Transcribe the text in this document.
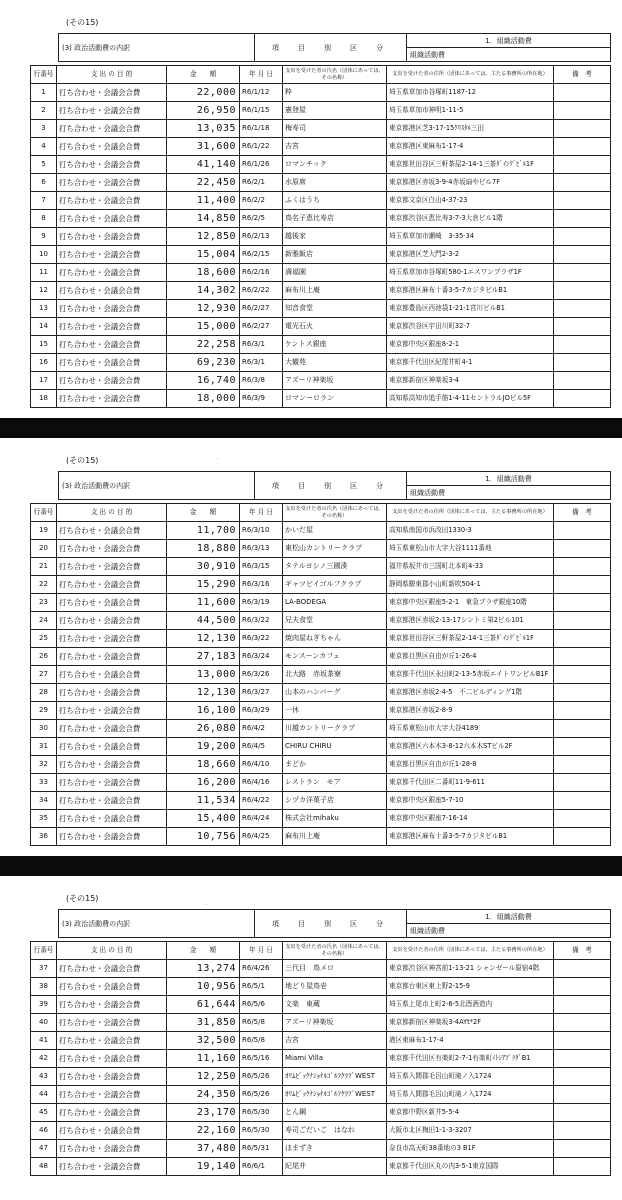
(その15)
(3) 政治活動費の内訳	項　目　別　区　分	1．組織活動費
組織活動費
行番号	支 出 の 目 的	金　　額	年 月 日	支出を受けた者の氏名（団体にあっては、その名称）	支出を受けた者の住所（団体にあっては、主たる事務所の所在地）	備　考
1	打ち合わせ・会議会合費	22,000	R6/1/12	粋	埼玉県草加市谷塚町1187-12	
2	打ち合わせ・会議会合費	26,950	R6/1/15	憲登屋	埼玉県草加市神明1-11-5	
3	打ち合わせ・会議会合費	13,035	R6/1/18	梅寿司	東京都港区芝3-17-15ｸﾘｽﾀﾙ三田	
4	打ち合わせ・会議会合費	31,600	R6/1/22	吉宮	東京都港区東麻布1-17-4	
5	打ち合わせ・会議会合費	41,140	R6/1/26	ロマンチック	東京都世田谷区三軒茶屋2-14-1三茶ﾀﾞｲﾝｸﾞﾋﾞﾙ1F	
6	打ち合わせ・会議会合費	22,450	R6/2/1	水原席	東京都港区赤坂3-9-4赤坂扇やビル7F	
7	打ち合わせ・会議会合費	11,400	R6/2/2	ふくはうち	東京都文京区白山4-37-23	
8	打ち合わせ・会議会合費	14,850	R6/2/5	鳥名子恵比寿店	東京都渋谷区恵比寿3-7-3大倉ビル1階	
9	打ち合わせ・会議会合費	12,850	R6/2/13	越後家	埼玉県草加市瀬崎　3-35-34	
10	打ち合わせ・会議会合費	15,004	R6/2/15	新雅飯店	東京都港区芝大門2-3-2	
11	打ち合わせ・会議会合費	18,600	R6/2/16	満福園	埼玉県草加市谷塚町580-1エスワンプラザ1F	
12	打ち合わせ・会議会合費	14,302	R6/2/22	麻布川上庵	東京都港区麻布十番3-5-7カジタビルB1	
13	打ち合わせ・会議会合費	12,930	R6/2/27	知音食堂	東京都豊島区西池袋1-21-1宮川ビルB1	
14	打ち合わせ・会議会合費	15,000	R6/2/27	電光石火	東京都渋谷区宇田川町32-7	
15	打ち合わせ・会議会合費	22,258	R6/3/1	ケントス銀座	東京都中央区銀座8-2-1	
16	打ち合わせ・会議会合費	69,230	R6/3/1	大観苑	東京都千代田区紀尾井町4-1	
17	打ち合わせ・会議会合費	16,740	R6/3/8	アズーリ神楽坂	東京都新宿区神楽坂3-4	
18	打ち合わせ・会議会合費	18,000	R6/3/9	ロマンーロラン	高知県高知市追手筋1-4-11セントラルJOビル5F	
(その15)
(3) 政治活動費の内訳	項　目　別　区　分	1．組織活動費
組織活動費
行番号	支 出 の 目 的	金　　額	年 月 日	支出を受けた者の氏名（団体にあっては、その名称）	支出を受けた者の住所（団体にあっては、主たる事務所の所在地）	備　考
19	打ち合わせ・会議会合費	11,700	R6/3/10	かいだ屋	高知県南国市浜改田1330-3	
20	打ち合わせ・会議会合費	18,880	R6/3/13	東松山カントリークラブ	埼玉県東松山市大字大谷1111番地	
21	打ち合わせ・会議会合費	30,910	R6/3/15	タテルヨシノ三國湊	福井県坂井市三国町北本町4-33	
22	打ち合わせ・会議会合費	15,290	R6/3/16	ギャツビイゴルフクラブ	静岡県駿東郡小山町新吹504-1	
23	打ち合わせ・会議会合費	11,600	R6/3/19	LA-BODEGA	東京都中央区銀座5-2-1　東急プラザ銀座10階	
24	打ち合わせ・会議会合費	44,500	R6/3/22	兄夫食堂	東京都港区赤坂2-13-17シントミ第2ビル101	
25	打ち合わせ・会議会合費	12,130	R6/3/22	焼肉屋ねぎちゃん	東京都世田谷区三軒茶屋2-14-1三茶ﾀﾞｲﾝｸﾞﾋﾞﾙ1F	
26	打ち合わせ・会議会合費	27,183	R6/3/24	モンスーンカフェ	東京都目黒区自由が丘1-26-4	
27	打ち合わせ・会議会合費	13,000	R6/3/26	北大路　赤坂茶寮	東京都千代田区永田町2-13-5赤坂エイトワンビルB1F	
28	打ち合わせ・会議会合費	12,130	R6/3/27	山本のハンバーグ	東京都港区赤坂2-4-5　不二ビルディング1階	
29	打ち合わせ・会議会合費	16,100	R6/3/29	一休	東京都港区赤坂2-8-9	
30	打ち合わせ・会議会合費	26,080	R6/4/2	川越カントリークラブ	埼玉県東松山市大字大谷4189	
31	打ち合わせ・会議会合費	19,200	R6/4/5	CHIRU CHIRU	東京都港区六本木3-8-12六本木STビル2F	
32	打ち合わせ・会議会合費	18,660	R6/4/10	まどか	東京都目黒区自由が丘1-28-8	
33	打ち合わせ・会議会合費	16,200	R6/4/16	レストラン　モア	東京都千代田区二番町11-9-611	
34	打ち合わせ・会議会合費	11,534	R6/4/22	シヅカ洋菓子店	東京都中央区銀座5-7-10	
35	打ち合わせ・会議会合費	15,400	R6/4/24	株式会社mihaku	東京都中央区銀座7-16-14	
36	打ち合わせ・会議会合費	10,756	R6/4/25	麻布川上庵	東京都港区麻布十番3-5-7カジタビルB1	
(その15)
(3) 政治活動費の内訳	項　目　別　区　分	1．組織活動費
組織活動費
行番号	支 出 の 目 的	金　　額	年 月 日	支出を受けた者の氏名（団体にあっては、その名称）	支出を受けた者の住所（団体にあっては、主たる事務所の所在地）	備　考
37	打ち合わせ・会議会合費	13,274	R6/4/26	三代目　鳥メロ	東京都渋谷区神宮前1-13-21 シャンゼール原宿4階	
38	打ち合わせ・会議会合費	10,956	R6/5/1	地どり屋鳥壱	東京都台東区東上野2-15-9	
39	打ち合わせ・会議会合費	61,644	R6/5/6	文楽　東蔵	埼玉県上尾市上町2-6-5北酉酒造内	
40	打ち合わせ・会議会合費	31,850	R6/5/8	アズーリ神楽坂	東京都新宿区神楽坂3-4AYt*2F	
41	打ち合わせ・会議会合費	32,500	R6/5/8	吉宮	港区東麻布1-17-4	
42	打ち合わせ・会議会合費	11,160	R6/5/16	Miami Villa	東京都千代田区有楽町2-7-1有楽町ｲﾄｼｱﾌﾟﾗｻﾞB1	
43	打ち合わせ・会議会合費	12,250	R6/5/26	ｵﾘﾑﾋﾟｯｸﾅｼｮﾅﾙｺﾞﾙﾌｸﾗﾌﾞWEST	埼玉県入間郡毛呂山町滝ノ入1724	
44	打ち合わせ・会議会合費	24,350	R6/5/26	ｵﾘﾑﾋﾟｯｸﾅｼｮﾅﾙｺﾞﾙﾌｸﾗﾌﾞWEST	埼玉県入間郡毛呂山町滝ノ入1724	
45	打ち合わせ・会議会合費	23,170	R6/5/30	とん鋼	東京都中野区新井5-5-4	
46	打ち合わせ・会議会合費	22,160	R6/5/30	寿司ごだいご　はなれ	大阪市北区梅田1-1-3-3207	
47	打ち合わせ・会議会合費	37,480	R6/5/31	ほまずき	奈良市高天町38番地の3 B1F	
48	打ち合わせ・会議会合費	19,140	R6/6/1	紀尾井	東京都千代田区丸の内3-5-1東京国際	
·
·
